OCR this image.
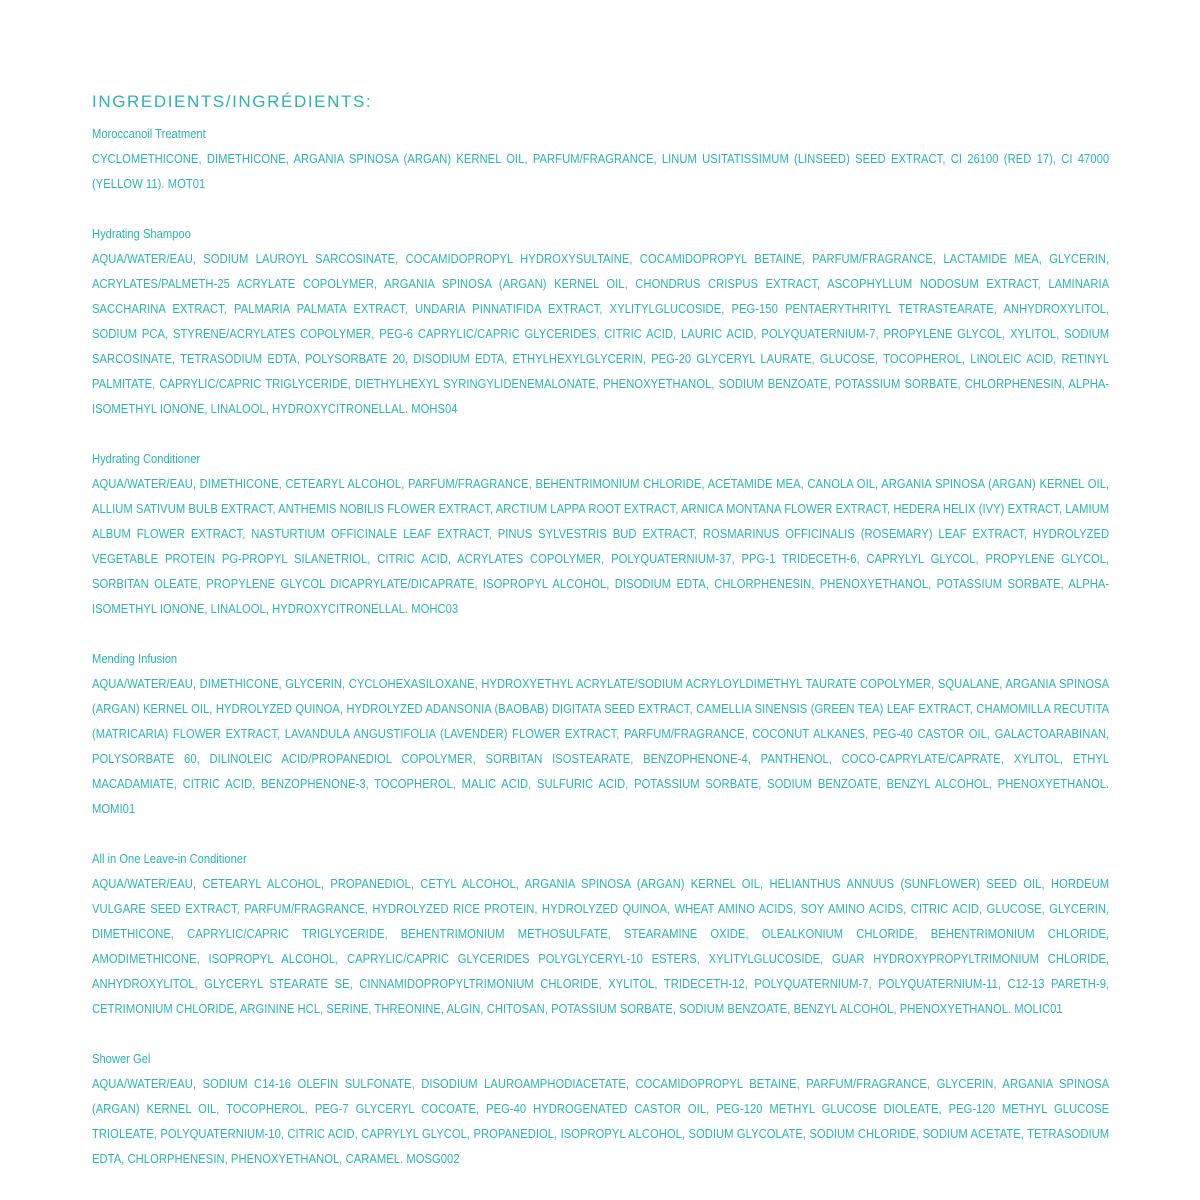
INGREDIENTS/INGRÉDIENTS:
Moroccanoil Treatment
CYCLOMETHICONE, DIMETHICONE, ARGANIA SPINOSA (ARGAN) KERNEL OIL, PARFUM/FRAGRANCE, LINUM USITATISSIMUM (LINSEED) SEED EXTRACT, CI 26100 (RED 17), CI 47000 (YELLOW 11). MOT01
Hydrating Shampoo
AQUA/WATER/EAU, SODIUM LAUROYL SARCOSINATE, COCAMIDOPROPYL HYDROXYSULTAINE, COCAMIDOPROPYL BETAINE, PARFUM/FRAGRANCE, LACTAMIDE MEA, GLYCERIN, ACRYLATES/PALMETH-25 ACRYLATE COPOLYMER, ARGANIA SPINOSA (ARGAN) KERNEL OIL, CHONDRUS CRISPUS EXTRACT, ASCOPHYLLUM NODOSUM EXTRACT, LAMINARIA SACCHARINA EXTRACT, PALMARIA PALMATA EXTRACT, UNDARIA PINNATIFIDA EXTRACT, XYLITYLGLUCOSIDE, PEG-150 PENTAERYTHRITYL TETRASTEARATE, ANHYDROXYLITOL, SODIUM PCA, STYRENE/ACRYLATES COPOLYMER, PEG-6 CAPRYLIC/CAPRIC GLYCERIDES, CITRIC ACID, LAURIC ACID, POLYQUATERNIUM-7, PROPYLENE GLYCOL, XYLITOL, SODIUM SARCOSINATE, TETRASODIUM EDTA, POLYSORBATE 20, DISODIUM EDTA, ETHYLHEXYLGLYCERIN, PEG-20 GLYCERYL LAURATE, GLUCOSE, TOCOPHEROL, LINOLEIC ACID, RETINYL PALMITATE, CAPRYLIC/CAPRIC TRIGLYCERIDE, DIETHYLHEXYL SYRINGYLIDENEMALONATE, PHENOXYETHANOL, SODIUM BENZOATE, POTASSIUM SORBATE, CHLORPHENESIN, ALPHA-ISOMETHYL IONONE, LINALOOL, HYDROXYCITRONELLAL. MOHS04
Hydrating Conditioner
AQUA/WATER/EAU, DIMETHICONE, CETEARYL ALCOHOL, PARFUM/FRAGRANCE, BEHENTRIMONIUM CHLORIDE, ACETAMIDE MEA, CANOLA OIL, ARGANIA SPINOSA (ARGAN) KERNEL OIL, ALLIUM SATIVUM BULB EXTRACT, ANTHEMIS NOBILIS FLOWER EXTRACT, ARCTIUM LAPPA ROOT EXTRACT, ARNICA MONTANA FLOWER EXTRACT, HEDERA HELIX (IVY) EXTRACT, LAMIUM ALBUM FLOWER EXTRACT, NASTURTIUM OFFICINALE LEAF EXTRACT, PINUS SYLVESTRIS BUD EXTRACT, ROSMARINUS OFFICINALIS (ROSEMARY) LEAF EXTRACT, HYDROLYZED VEGETABLE PROTEIN PG-PROPYL SILANETRIOL, CITRIC ACID, ACRYLATES COPOLYMER, POLYQUATERNIUM-37, PPG-1 TRIDECETH-6, CAPRYLYL GLYCOL, PROPYLENE GLYCOL, SORBITAN OLEATE, PROPYLENE GLYCOL DICAPRYLATE/DICAPRATE, ISOPROPYL ALCOHOL, DISODIUM EDTA, CHLORPHENESIN, PHENOXYETHANOL, POTASSIUM SORBATE, ALPHA-ISOMETHYL IONONE, LINALOOL, HYDROXYCITRONELLAL. MOHC03
Mending Infusion
AQUA/WATER/EAU, DIMETHICONE, GLYCERIN, CYCLOHEXASILOXANE, HYDROXYETHYL ACRYLATE/SODIUM ACRYLOYLDIMETHYL TAURATE COPOLYMER, SQUALANE, ARGANIA SPINOSA (ARGAN) KERNEL OIL, HYDROLYZED QUINOA, HYDROLYZED ADANSONIA (BAOBAB) DIGITATA SEED EXTRACT, CAMELLIA SINENSIS (GREEN TEA) LEAF EXTRACT, CHAMOMILLA RECUTITA (MATRICARIA) FLOWER EXTRACT, LAVANDULA ANGUSTIFOLIA (LAVENDER) FLOWER EXTRACT, PARFUM/FRAGRANCE, COCONUT ALKANES, PEG-40 CASTOR OIL, GALACTOARABINAN, POLYSORBATE 60, DILINOLEIC ACID/PROPANEDIOL COPOLYMER, SORBITAN ISOSTEARATE, BENZOPHENONE-4, PANTHENOL, COCO-CAPRYLATE/CAPRATE, XYLITOL, ETHYL MACADAMIATE, CITRIC ACID, BENZOPHENONE-3, TOCOPHEROL, MALIC ACID, SULFURIC ACID, POTASSIUM SORBATE, SODIUM BENZOATE, BENZYL ALCOHOL, PHENOXYETHANOL. MOMI01
All in One Leave-in Conditioner
AQUA/WATER/EAU, CETEARYL ALCOHOL, PROPANEDIOL, CETYL ALCOHOL, ARGANIA SPINOSA (ARGAN) KERNEL OIL, HELIANTHUS ANNUUS (SUNFLOWER) SEED OIL, HORDEUM VULGARE SEED EXTRACT, PARFUM/FRAGRANCE, HYDROLYZED RICE PROTEIN, HYDROLYZED QUINOA, WHEAT AMINO ACIDS, SOY AMINO ACIDS, CITRIC ACID, GLUCOSE, GLYCERIN, DIMETHICONE, CAPRYLIC/CAPRIC TRIGLYCERIDE, BEHENTRIMONIUM METHOSULFATE, STEARAMINE OXIDE, OLEALKONIUM CHLORIDE, BEHENTRIMONIUM CHLORIDE, AMODIMETHICONE, ISOPROPYL ALCOHOL, CAPRYLIC/CAPRIC GLYCERIDES POLYGLYCERYL-10 ESTERS, XYLITYLGLUCOSIDE, GUAR HYDROXYPROPYLTRIMONIUM CHLORIDE, ANHYDROXYLITOL, GLYCERYL STEARATE SE, CINNAMIDOPROPYLTRIMONIUM CHLORIDE, XYLITOL, TRIDECETH-12, POLYQUATERNIUM-7, POLYQUATERNIUM-11, C12-13 PARETH-9, CETRIMONIUM CHLORIDE, ARGININE HCL, SERINE, THREONINE, ALGIN, CHITOSAN, POTASSIUM SORBATE, SODIUM BENZOATE, BENZYL ALCOHOL, PHENOXYETHANOL. MOLIC01
Shower Gel
AQUA/WATER/EAU, SODIUM C14-16 OLEFIN SULFONATE, DISODIUM LAUROAMPHODIACETATE, COCAMIDOPROPYL BETAINE, PARFUM/FRAGRANCE, GLYCERIN, ARGANIA SPINOSA (ARGAN) KERNEL OIL, TOCOPHEROL, PEG-7 GLYCERYL COCOATE, PEG-40 HYDROGENATED CASTOR OIL, PEG-120 METHYL GLUCOSE DIOLEATE, PEG-120 METHYL GLUCOSE TRIOLEATE, POLYQUATERNIUM-10, CITRIC ACID, CAPRYLYL GLYCOL, PROPANEDIOL, ISOPROPYL ALCOHOL, SODIUM GLYCOLATE, SODIUM CHLORIDE, SODIUM ACETATE, TETRASODIUM EDTA, CHLORPHENESIN, PHENOXYETHANOL, CARAMEL. MOSG002
